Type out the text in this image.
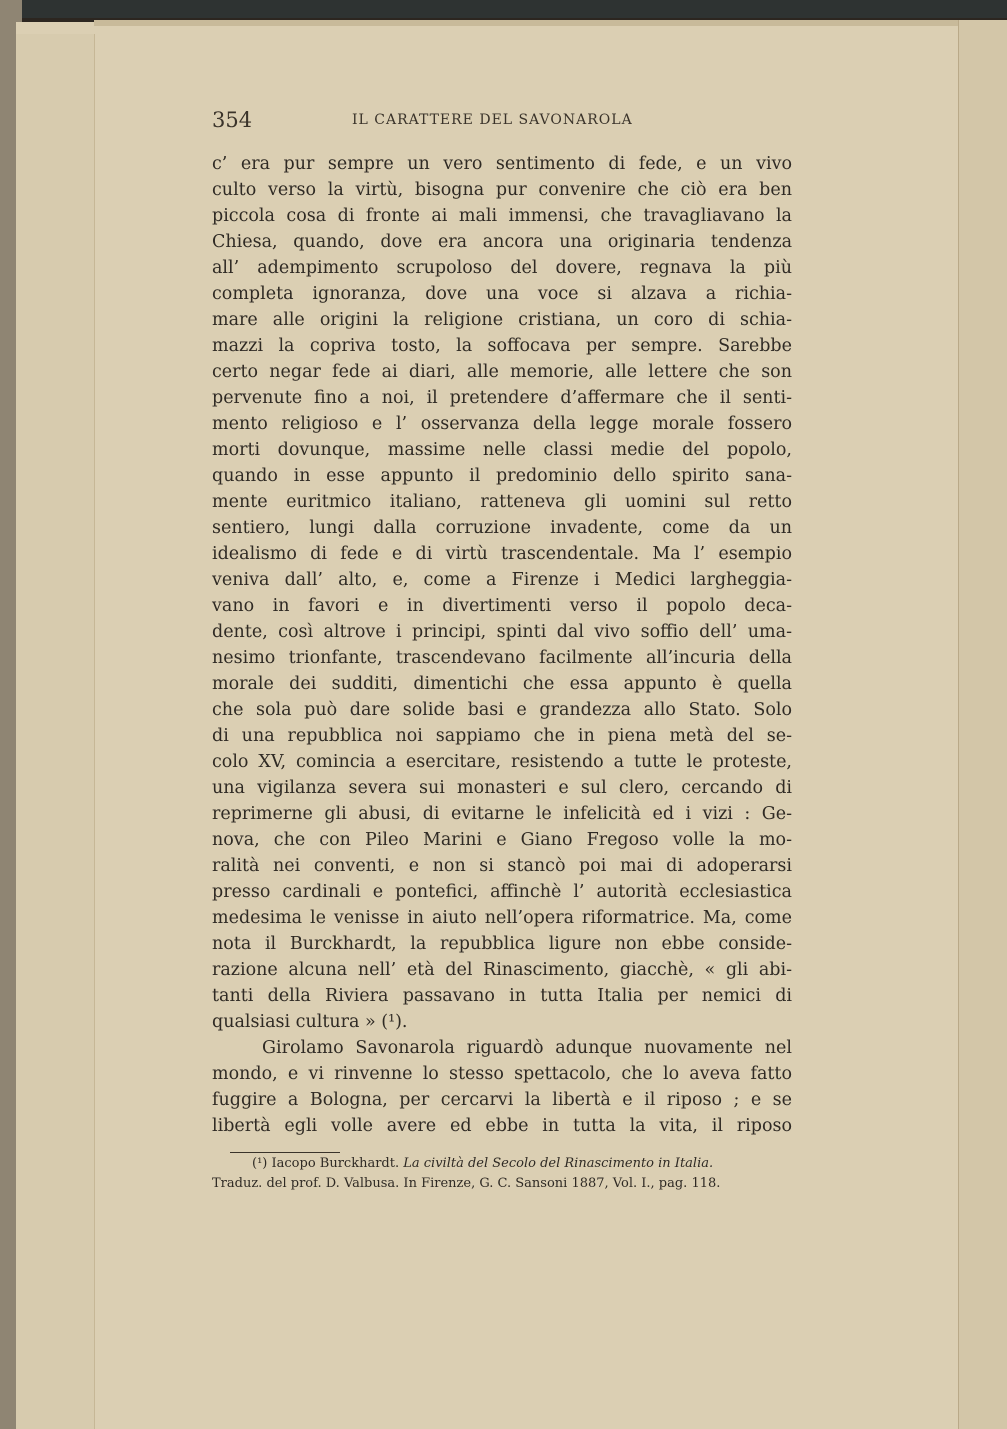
354	IL CARATTERE DEL SAVONAROLA
c’ era pur sempre un vero sentimento di fede, e un vivo
culto verso la virtù, bisogna pur convenire che ciò era ben
piccola cosa di fronte ai mali immensi, che travagliavano la
Chiesa, quando, dove era ancora una originaria tendenza
all’ adempimento scrupoloso del dovere, regnava la più
completa ignoranza, dove una voce si alzava a richia-
mare alle origini la religione cristiana, un coro di schia-
mazzi la copriva tosto, la soffocava per sempre. Sarebbe
certo negar fede ai diari, alle memorie, alle lettere che son
pervenute fino a noi, il pretendere d’affermare che il senti-
mento religioso e l’ osservanza della legge morale fossero
morti dovunque, massime nelle classi medie del popolo,
quando in esse appunto il predominio dello spirito sana-
mente euritmico italiano, ratteneva gli uomini sul retto
sentiero, lungi dalla corruzione invadente, come da un
idealismo di fede e di virtù trascendentale. Ma l’ esempio
veniva dall’ alto, e, come a Firenze i Medici largheggia-
vano in favori e in divertimenti verso il popolo deca-
dente, così altrove i principi, spinti dal vivo soffio dell’ uma-
nesimo trionfante, trascendevano facilmente all’incuria della
morale dei sudditi, dimentichi che essa appunto è quella
che sola può dare solide basi e grandezza allo Stato. Solo
di una repubblica noi sappiamo che in piena metà del se-
colo XV, comincia a esercitare, resistendo a tutte le proteste,
una vigilanza severa sui monasteri e sul clero, cercando di
reprimerne gli abusi, di evitarne le infelicità ed i vizi : Ge-
nova, che con Pileo Marini e Giano Fregoso volle la mo-
ralità nei conventi, e non si stancò poi mai di adoperarsi
presso cardinali e pontefici, affinchè l’ autorità ecclesiastica
medesima le venisse in aiuto nell’opera riformatrice. Ma, come
nota il Burckhardt, la repubblica ligure non ebbe conside-
razione alcuna nell’ età del Rinascimento, giacchè, « gli abi-
tanti della Riviera passavano in tutta Italia per nemici di
qualsiasi cultura » (¹).
Girolamo Savonarola riguardò adunque nuovamente nel
mondo, e vi rinvenne lo stesso spettacolo, che lo aveva fatto
fuggire a Bologna, per cercarvi la libertà e il riposo ; e se
libertà egli volle avere ed ebbe in tutta la vita, il riposo
(¹) Iacopo Burckhardt. La civiltà del Secolo del Rinascimento in Italia.
Traduz. del prof. D. Valbusa. In Firenze, G. C. Sansoni 1887, Vol. I., pag. 118.
